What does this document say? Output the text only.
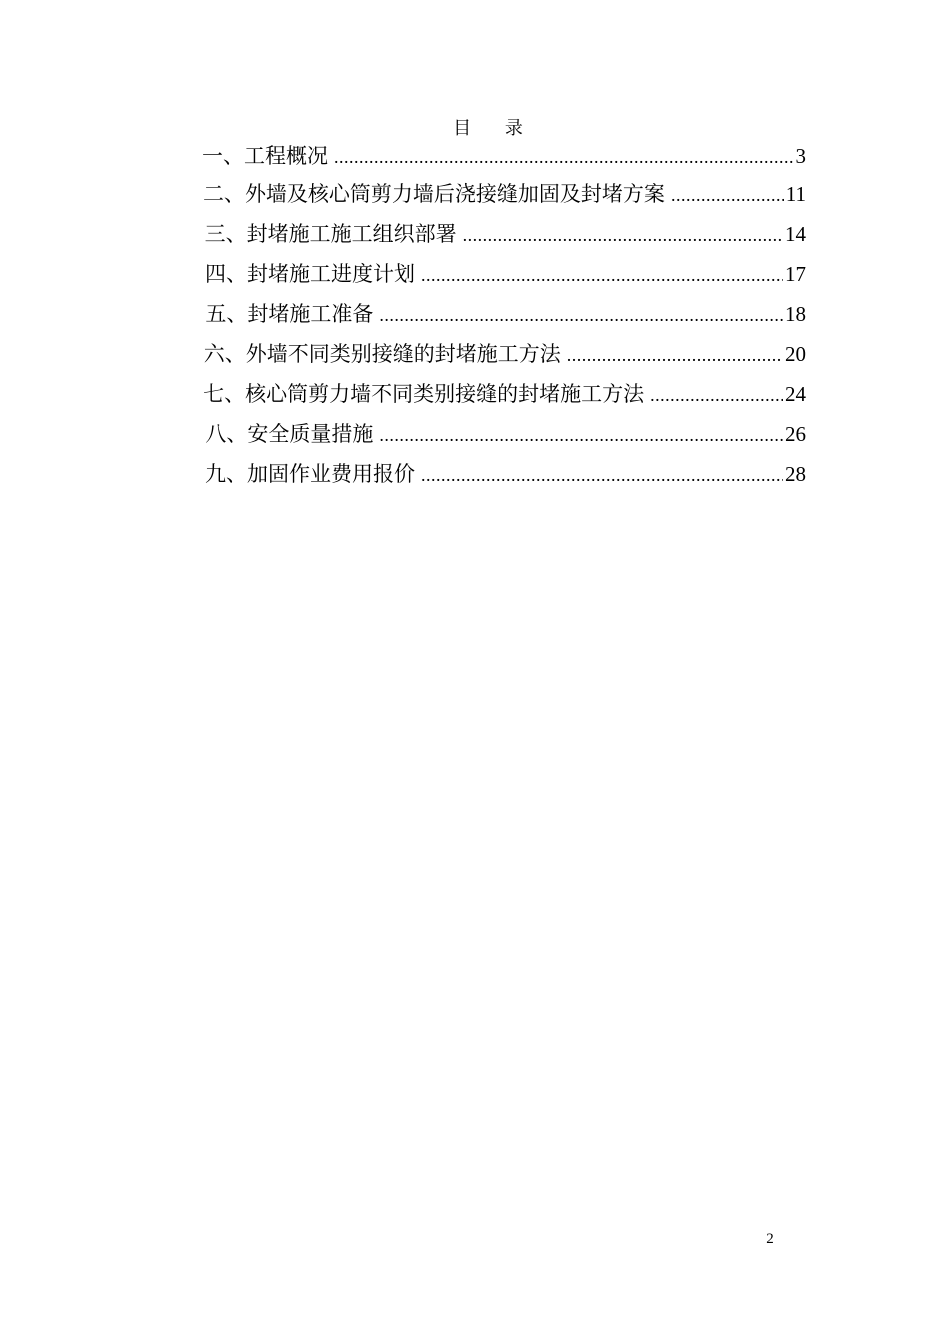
目 录
一、 工程概况 .....	3
二、 外墙及核心筒剪力墙后浇接缝加固及封堵方案 .....	11
三、 封堵施工施工组织部署 .....	14
四、 封堵施工进度计划 .....	17
五、 封堵施工准备 .....	18
六、 外墙不同类别接缝的封堵施工方法 .....	20
七、 核心筒剪力墙不同类别接缝的封堵施工方法 .....	24
八、 安全质量措施 .....	26
九、 加固作业费用报价 .....	28
2
